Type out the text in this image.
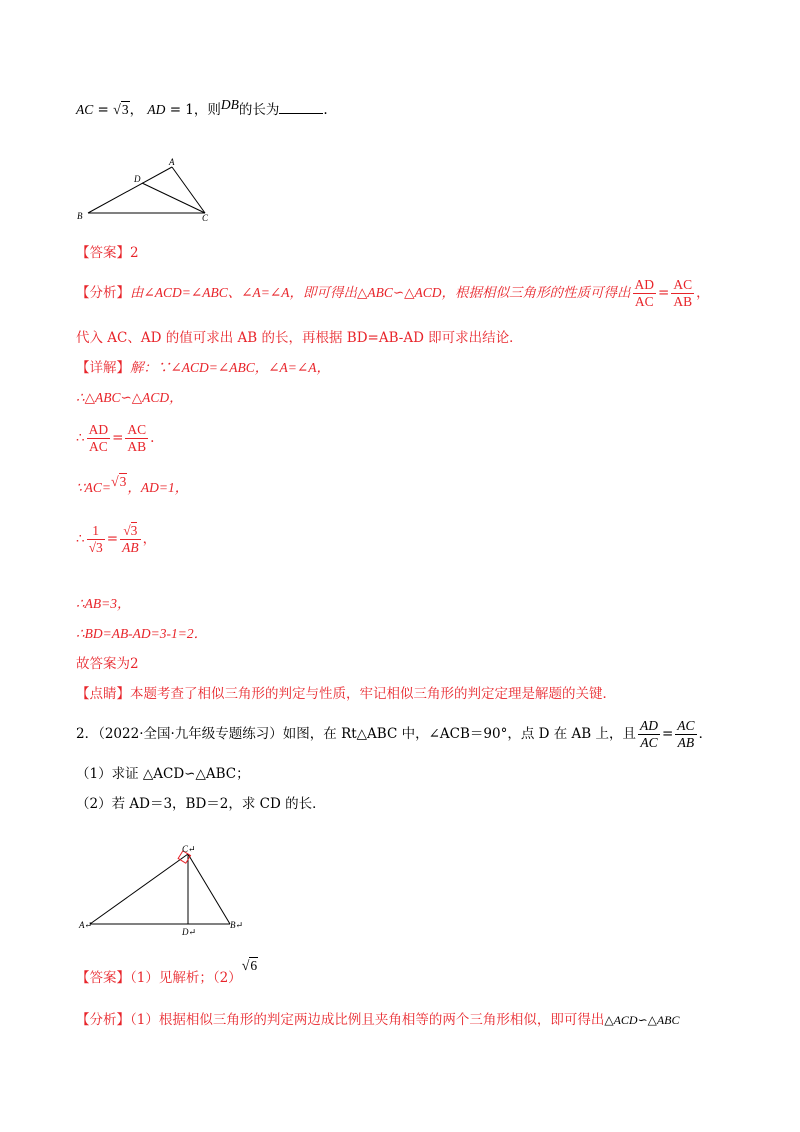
AC = √3， AD = 1，则DB的长为	.
A
B	C
D
【答案】2
【分析】由∠ACD=∠ABC、∠A=∠A，即可得出△ABC∽△ACD，根据相似三角形的性质可得出 $\frac{AD}{AC} = \frac{AC}{AB}$ ，
代入 AC、AD 的值可求出 AB 的长，再根据 BD=AB-AD 即可求出结论．
【详解】解：∵∠ACD=∠ABC，∠A=∠A，
∴△ABC∽△ACD，
∴ $\frac{AD}{AC} = \frac{AC}{AB}$ .
∵AC=√3，AD=1，
∴ $\frac{1}{√3} = \frac{√3}{AB}$ ，
∴AB=3，
∴BD=AB-AD=3-1=2．
故答案为2
【点睛】本题考查了相似三角形的判定与性质，牢记相似三角形的判定定理是解题的关键．
2．（2022·全国·九年级专题练习）如图，在 Rt△ABC 中，∠ACB＝90°，点 D 在 AB 上，且 $\frac{AD}{AC} = \frac{AC}{AB}$ ．
（1）求证 △ACD∽△ABC；
（2）若 AD＝3，BD＝2，求 CD 的长．
C↵
A↵	B↵
D↵
【答案】（1）见解析；（2）√6
【分析】（1）根据相似三角形的判定两边成比例且夹角相等的两个三角形相似，即可得出△ACD∽△ABC
